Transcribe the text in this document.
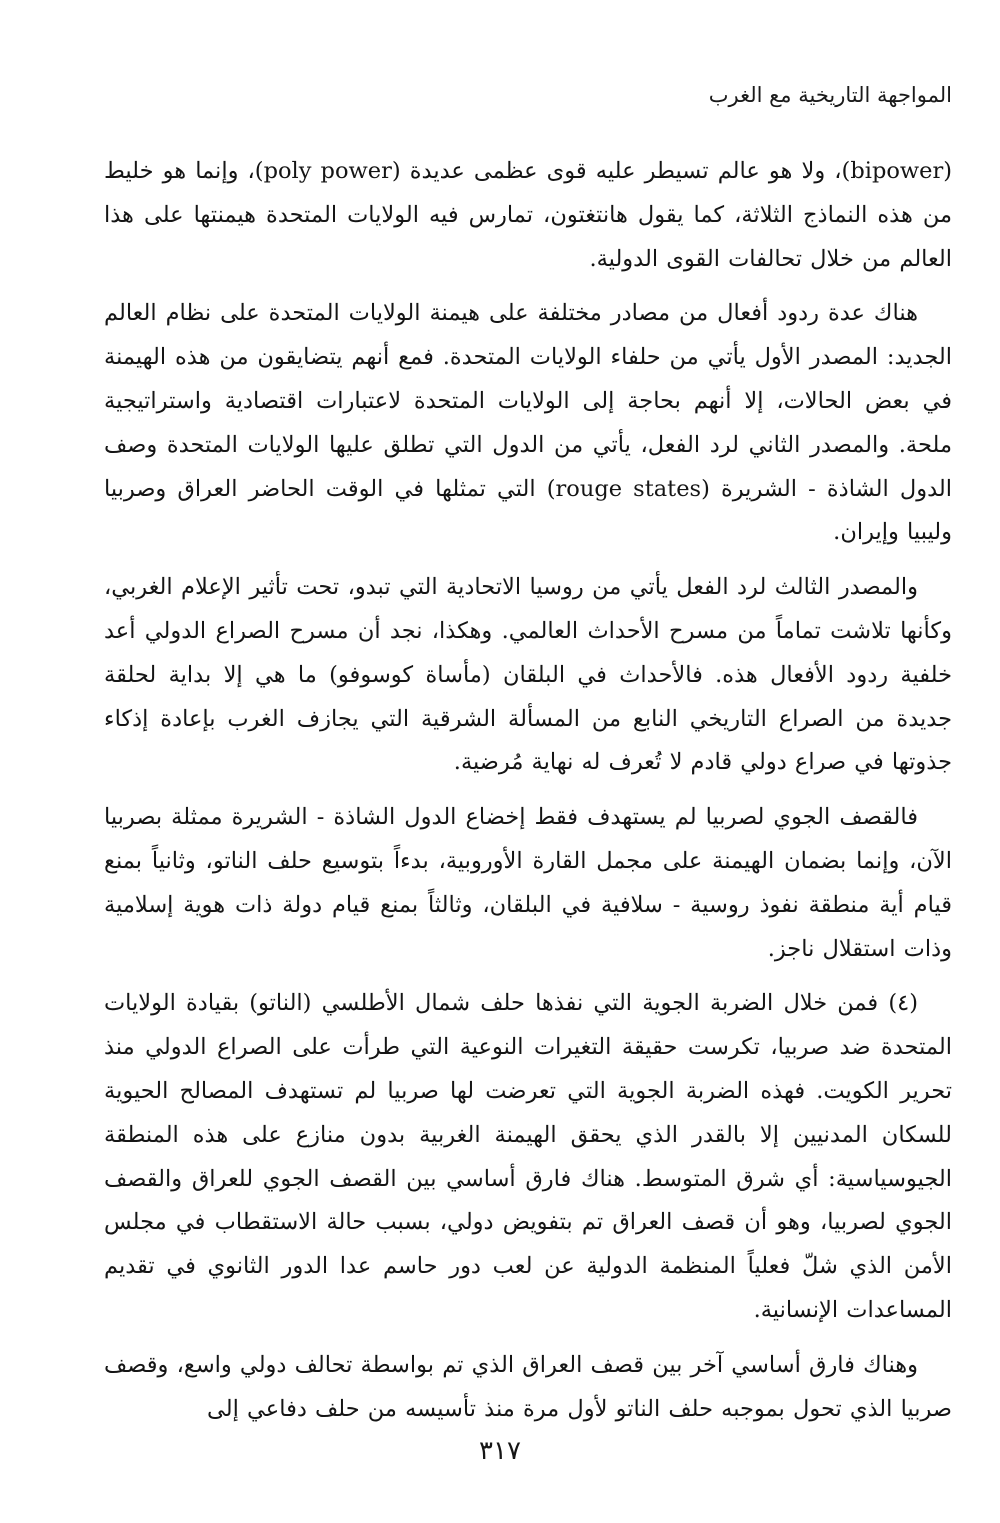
المواجهة التاريخية مع الغرب

(bipower)، ولا هو عالم تسيطر عليه قوى عظمى عديدة (poly power)، وإنما هو خليط من هذه النماذج الثلاثة، كما يقول هانتغتون، تمارس فيه الولايات المتحدة هيمنتها على هذا العالم من خلال تحالفات القوى الدولية.

هناك عدة ردود أفعال من مصادر مختلفة على هيمنة الولايات المتحدة على نظام العالم الجديد: المصدر الأول يأتي من حلفاء الولايات المتحدة. فمع أنهم يتضايقون من هذه الهيمنة في بعض الحالات، إلا أنهم بحاجة إلى الولايات المتحدة لاعتبارات اقتصادية واستراتيجية ملحة. والمصدر الثاني لرد الفعل، يأتي من الدول التي تطلق عليها الولايات المتحدة وصف الدول الشاذة - الشريرة (rouge states) التي تمثلها في الوقت الحاضر العراق وصربيا وليبيا وإيران.

والمصدر الثالث لرد الفعل يأتي من روسيا الاتحادية التي تبدو، تحت تأثير الإعلام الغربي، وكأنها تلاشت تماماً من مسرح الأحداث العالمي. وهكذا، نجد أن مسرح الصراع الدولي أعد خلفية ردود الأفعال هذه. فالأحداث في البلقان (مأساة كوسوفو) ما هي إلا بداية لحلقة جديدة من الصراع التاريخي النابع من المسألة الشرقية التي يجازف الغرب بإعادة إذكاء جذوتها في صراع دولي قادم لا تُعرف له نهاية مُرضية.

فالقصف الجوي لصربيا لم يستهدف فقط إخضاع الدول الشاذة - الشريرة ممثلة بصربيا الآن، وإنما بضمان الهيمنة على مجمل القارة الأوروبية، بدءاً بتوسيع حلف الناتو، وثانياً بمنع قيام أية منطقة نفوذ روسية - سلافية في البلقان، وثالثاً بمنع قيام دولة ذات هوية إسلامية وذات استقلال ناجز.

(٤) فمن خلال الضربة الجوية التي نفذها حلف شمال الأطلسي (الناتو) بقيادة الولايات المتحدة ضد صربيا، تكرست حقيقة التغيرات النوعية التي طرأت على الصراع الدولي منذ تحرير الكويت. فهذه الضربة الجوية التي تعرضت لها صربيا لم تستهدف المصالح الحيوية للسكان المدنيين إلا بالقدر الذي يحقق الهيمنة الغربية بدون منازع على هذه المنطقة الجيوسياسية: أي شرق المتوسط. هناك فارق أساسي بين القصف الجوي للعراق والقصف الجوي لصربيا، وهو أن قصف العراق تم بتفويض دولي، بسبب حالة الاستقطاب في مجلس الأمن الذي شلّ فعلياً المنظمة الدولية عن لعب دور حاسم عدا الدور الثانوي في تقديم المساعدات الإنسانية.

وهناك فارق أساسي آخر بين قصف العراق الذي تم بواسطة تحالف دولي واسع، وقصف صربيا الذي تحول بموجبه حلف الناتو لأول مرة منذ تأسيسه من حلف دفاعي إلى

٣١٧
